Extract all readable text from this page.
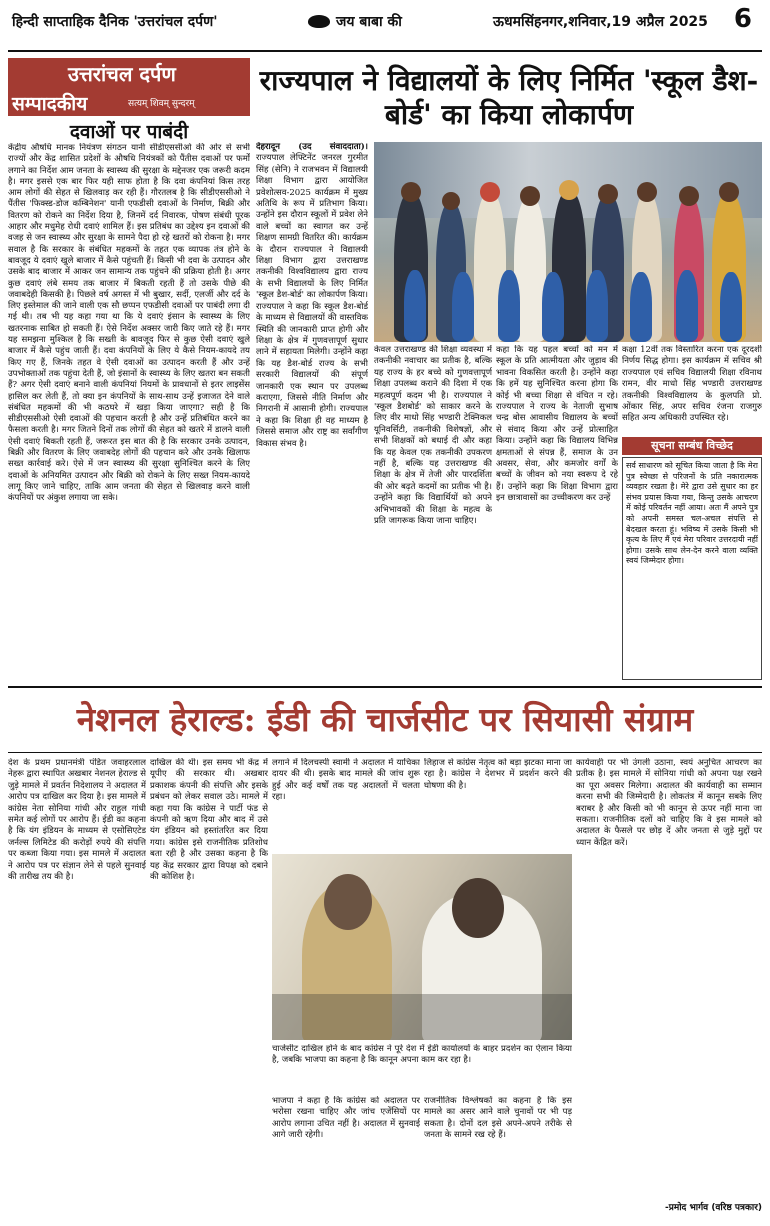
हिन्दी साप्ताहिक दैनिक 'उत्तरांचल दर्पण'	जय बाबा की	ऊधमसिंहनगर,शनिवार,19 अप्रैल 2025 6
उत्तरांचल दर्पण
सम्पादकीय	सत्यम् शिवम् सुन्दरम्
दवाओं पर पाबंदी
केंद्रीय औषधि मानक नियंत्रण संगठन यानी सीडीएससीओ की ओर से सभी राज्यों और केंद्र शासित प्रदेशों के औषधि नियंत्रकों को पैंतीस दवाओं पर फर्मों लगाने का निर्देश आम जनता के स्वास्थ्य की सुरक्षा के मद्देनजर एक जरूरी कदम है। मगर इससे एक बार फिर यही साफ होता है कि दवा कंपनियां किस तरह आम लोगों की सेहत से खिलवाड़ कर रही हैं। गौरतलब है कि सीडीएससीओ ने पैंतीस 'फिक्स्ड-डोज कम्बिनेशन' यानी एफडीसी दवाओं के निर्माण, बिक्री और वितरण को रोकने का निर्देश दिया है, जिनमें दर्द निवारक, पोषण संबंधी पूरक आहार और मधुमेह रोधी दवाएं शामिल हैं। इस प्रतिबंध का उद्देश्य इन दवाओं की वजह से जन स्वास्थ्य और सुरक्षा के सामने पैदा हो रहे खतरों को रोकना है। मगर सवाल है कि सरकार के संबंधित महकमों के तहत एक व्यापक तंत्र होने के बावजूद ये दवाएं खुले बाजार में कैसे पहुंचती हैं। किसी भी दवा के उत्पादन और उसके बाद बाजार में आकर जन सामान्य तक पहुंचने की प्रक्रिया होती है। अगर कुछ दवाएं लंबे समय तक बाजार में बिकती रहती हैं तो उसके पीछे की जवाबदेही किसकी है। पिछले वर्ष अगस्त में भी बुखार, सर्दी, एलर्जी और दर्द के लिए इस्तेमाल की जाने वाली एक सौ छप्पन एफडीसी दवाओं पर पाबंदी लगा दी गई थी। तब भी यह कहा गया था कि ये दवाएं इंसान के स्वास्थ्य के लिए खतरनाक साबित हो सकती हैं। ऐसे निर्देश अक्सर जारी किए जाते रहे हैं। मगर यह समझना मुश्किल है कि सख्ती के बावजूद फिर से कुछ ऐसी दवाएं खुले बाजार में कैसे पहुंच जाती हैं। दवा कंपनियों के लिए ये कैसे नियम-कायदे तय किए गए हैं, जिनके तहत वे ऐसी दवाओं का उत्पादन करती हैं और उन्हें उपभोक्ताओं तक पहुंचा देती हैं, जो इंसानों के स्वास्थ्य के लिए खतरा बन सकती हैं? अगर ऐसी दवाएं बनाने वाली कंपनियां नियमों के प्रावधानों से इतर लाइसेंस हासिल कर लेती हैं, तो क्या इन कंपनियों के साथ-साथ उन्हें इजाजत देने वाले संबंधित महकमों की भी कठघरे में खड़ा किया जाएगा? सही है कि सीडीएससीओ ऐसी दवाओं की पहचान करती है और उन्हें प्रतिबंधित करने का फैसला करती है। मगर जितने दिनों तक लोगों की सेहत को खतरे में डालने वाली ऐसी दवाएं बिकती रहती हैं, जरूरत इस बात की है कि सरकार उनके उत्पादन, बिक्री और वितरण के लिए जवाबदेह लोगों की पहचान करे और उनके खिलाफ सख्त कार्रवाई करे। ऐसे में जन स्वास्थ्य की सुरक्षा सुनिश्चित करने के लिए दवाओं के अनियमित उत्पादन और बिक्री को रोकने के लिए सख्त नियम-कायदे लागू किए जाने चाहिए, ताकि आम जनता की सेहत से खिलवाड़ करने वाली कंपनियों पर अंकुश लगाया जा सके।
राज्यपाल ने विद्यालयों के लिए निर्मित 'स्कूल डैश-बोर्ड' का किया लोकार्पण
देहरादून (उद संवाददाता)। राज्यपाल लेफ्टिनेंट जनरल गुरमीत सिंह (सेनि) ने राजभवन में विद्यालयी शिक्षा विभाग द्वारा आयोजित प्रवेशोत्सव-2025 कार्यक्रम में मुख्य अतिथि के रूप में प्रतिभाग किया। उन्होंने इस दौरान स्कूलों में प्रवेश लेने वाले बच्चों का स्वागत कर उन्हें शिक्षण सामग्री वितरित की। कार्यक्रम के दौरान राज्यपाल ने विद्यालयी शिक्षा विभाग द्वारा उत्तराखण्ड तकनीकी विश्वविद्यालय द्वारा राज्य के सभी विद्यालयों के लिए निर्मित 'स्कूल डैश-बोर्ड' का लोकार्पण किया। राज्यपाल ने कहा कि स्कूल डैश-बोर्ड के माध्यम से विद्यालयों की वास्तविक स्थिति की जानकारी प्राप्त होगी और शिक्षा के क्षेत्र में गुणवत्तापूर्ण सुधार लाने में सहायता मिलेगी। उन्होंने कहा कि यह डैश-बोर्ड राज्य के सभी सरकारी विद्यालयों की संपूर्ण जानकारी एक स्थान पर उपलब्ध कराएगा, जिससे नीति निर्माण और निगरानी में आसानी होगी। राज्यपाल ने कहा कि शिक्षा ही वह माध्यम है जिससे समाज और राष्ट्र का सर्वांगीण विकास संभव है।
केवल उत्तराखण्ड की शिक्षा व्यवस्था में तकनीकी नवाचार का प्रतीक है, बल्कि यह राज्य के हर बच्चे को गुणवत्तापूर्ण शिक्षा उपलब्ध कराने की दिशा में एक महत्वपूर्ण कदम भी है। राज्यपाल ने 'स्कूल डैशबोर्ड' को साकार करने के लिए वीर माधो सिंह भण्डारी टेक्निकल यूनिवर्सिटी, तकनीकी विशेषज्ञों, और सभी शिक्षकों को बधाई दी और कहा कि यह केवल एक तकनीकी उपकरण नहीं है, बल्कि यह उत्तराखण्ड की शिक्षा के क्षेत्र में तेजी और पारदर्शिता की ओर बढ़ते कदमों का प्रतीक भी है। उन्होंने कहा कि विद्यार्थियों को अपने अभिभावकों की शिक्षा के महत्व के प्रति जागरूक किया जाना चाहिए।
कहा कि यह पहल बच्चों को मन में स्कूल के प्रति आत्मीयता और जुड़ाव की भावना विकसित करती है। उन्होंने कहा कि हमें यह सुनिश्चित करना होगा कि कोई भी बच्चा शिक्षा से वंचित न रहे। राज्यपाल ने राज्य के नेताजी सुभाष चन्द्र बोस आवासीय विद्यालय के बच्चों से संवाद किया और उन्हें प्रोत्साहित किया। उन्होंने कहा कि विद्यालय विभिन्न क्षमताओं से संपन्न हैं, समाज के उन अवसर, सेवा, और कमजोर वर्गों के बच्चों के जीवन को नया स्वरूप दे रहे हैं। उन्होंने कहा कि शिक्षा विभाग द्वारा इन छात्रावासों का उच्चीकरण कर उन्हें
कक्षा 12वीं तक विस्तारित करना एक दूरदर्शी निर्णय सिद्ध होगा। इस कार्यक्रम में सचिव श्री राज्यपाल एवं सचिव विद्यालयी शिक्षा रविनाथ रामन, वीर माधो सिंह भण्डारी उत्तराखण्ड तकनीकी विश्वविद्यालय के कुलपति प्रो. ओंकार सिंह, अपर सचिव रंजना राजगुरु सहित अन्य अधिकारी उपस्थित रहे।
सूचना सम्बंध विच्छेद
सर्व साधारण को सूचित किया जाता है कि मेरा पुत्र स्वेच्छा से परिजनों के प्रति नकारात्मक व्यवहार रखता है। मेरे द्वारा उसे सुधार का हर संभव प्रयास किया गया, किन्तु उसके आचरण में कोई परिवर्तन नहीं आया। अतः मैं अपने पुत्र को अपनी समस्त चल-अचल संपत्ति से बेदखल करता हूं। भविष्य में उसके किसी भी कृत्य के लिए मैं एवं मेरा परिवार उत्तरदायी नहीं होगा। उसके साथ लेन-देन करने वाला व्यक्ति स्वयं जिम्मेदार होगा।
नेशनल हेराल्ड: ईडी की चार्जसीट पर सियासी संग्राम
देश के प्रथम प्रधानमंत्री पंडित जवाहरलाल नेहरू द्वारा स्थापित अखबार नेशनल हेराल्ड से जुड़े मामले में प्रवर्तन निदेशालय ने अदालत में आरोप पत्र दाखिल कर दिया है। इस मामले में कांग्रेस नेता सोनिया गांधी और राहुल गांधी समेत कई लोगों पर आरोप हैं। ईडी का कहना है कि यंग इंडियन के माध्यम से एसोसिएटेड जर्नल्स लिमिटेड की करोड़ों रुपये की संपत्ति पर कब्जा किया गया। इस मामले में अदालत ने आरोप पत्र पर संज्ञान लेने से पहले सुनवाई की तारीख तय की है।
दाखिल की थी। इस समय भी केंद्र में यूपीए की सरकार थी। अखबार प्रकाशक कंपनी की संपत्ति और इसके प्रबंधन को लेकर सवाल उठे। मामले में कहा गया कि कांग्रेस ने पार्टी फंड से कंपनी को ऋण दिया और बाद में उसे यंग इंडियन को हस्तांतरित कर दिया गया। कांग्रेस इसे राजनीतिक प्रतिशोध बता रही है और उसका कहना है कि यह केंद्र सरकार द्वारा विपक्ष को दबाने की कोशिश है।
लगाने में दिलचस्पी स्वामी ने अदालत में याचिका दायर की थी। इसके बाद मामले की जांच शुरू हुई और कई वर्षों तक यह अदालतों में चलता रहा।
लिहाज से कांग्रेस नेतृत्व को बड़ा झटका माना जा रहा है। कांग्रेस ने देशभर में प्रदर्शन करने की घोषणा की है।
चार्जसीट दाखिल होने के बाद कांग्रेस ने पूरे देश में ईडी कार्यालयों के बाहर प्रदर्शन का ऐलान किया है, जबकि भाजपा का कहना है कि कानून अपना काम कर रहा है।
भाजपा ने कहा है कि कांग्रेस को अदालत पर भरोसा रखना चाहिए और जांच एजेंसियों पर आरोप लगाना उचित नहीं है। अदालत में सुनवाई आगे जारी रहेगी।
राजनीतिक विश्लेषकों का कहना है कि इस मामले का असर आने वाले चुनावों पर भी पड़ सकता है। दोनों दल इसे अपने-अपने तरीके से जनता के सामने रख रहे हैं।
कार्यवाही पर भी उंगली उठाना, स्वयं अनुचित आचरण का प्रतीक है। इस मामले में सोनिया गांधी को अपना पक्ष रखने का पूरा अवसर मिलेगा। अदालत की कार्यवाही का सम्मान करना सभी की जिम्मेदारी है। लोकतंत्र में कानून सबके लिए बराबर है और किसी को भी कानून से ऊपर नहीं माना जा सकता। राजनीतिक दलों को चाहिए कि वे इस मामले को अदालत के फैसले पर छोड़ दें और जनता से जुड़े मुद्दों पर ध्यान केंद्रित करें।
-प्रमोद भार्गव (वरिष्ठ पत्रकार)
